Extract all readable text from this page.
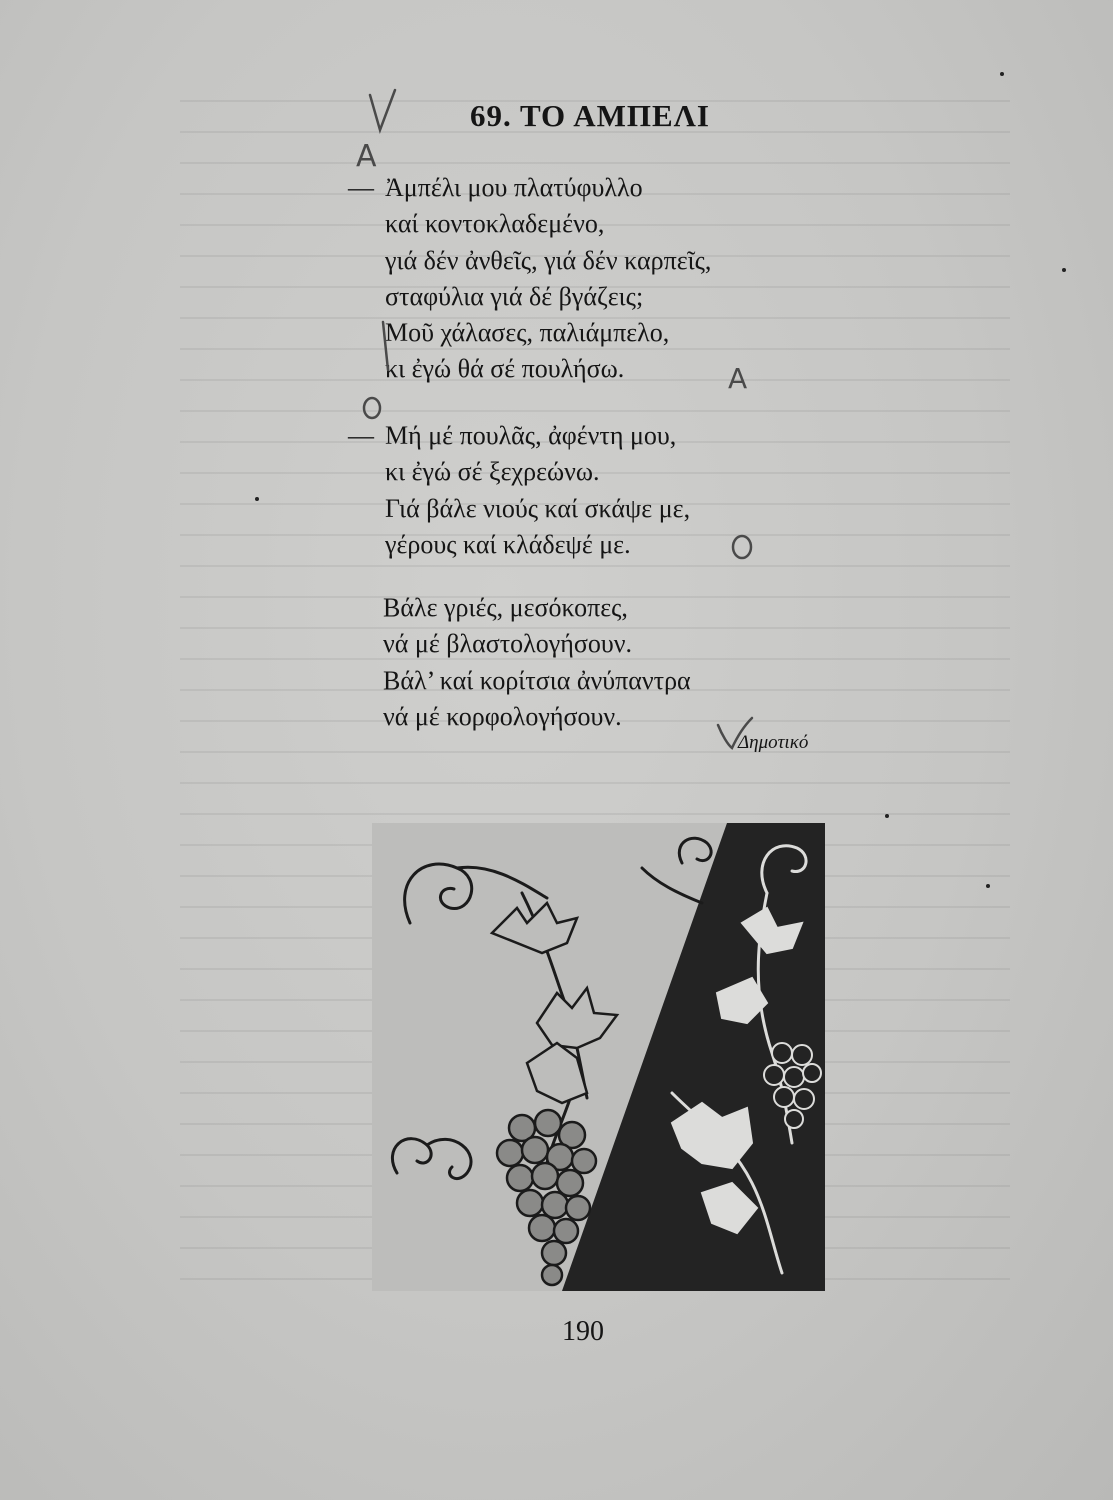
69. ΤΟ ΑΜΠΕΛΙ
— Ἀμπέλι μου πλατύφυλλο
καί κοντοκλαδεμένο,
γιά δέν ἀνθεῖς, γιά δέν καρπεῖς,
σταφύλια γιά δέ βγάζεις;
Μοῦ χάλασες, παλιάμπελο,
κι ἐγώ θά σέ πουλήσω.
— Μή μέ πουλᾶς, ἀφέντη μου,
κι ἐγώ σέ ξεχρεώνω.
Γιά βάλε νιούς καί σκάψε με,
γέρους καί κλάδεψέ με.
Βάλε γριές, μεσόκοπες,
νά μέ βλαστολογήσουν.
Βάλ’ καί κορίτσια ἀνύπαντρα
νά μέ κορφολογήσουν.
Δημοτικό
190
A
A
